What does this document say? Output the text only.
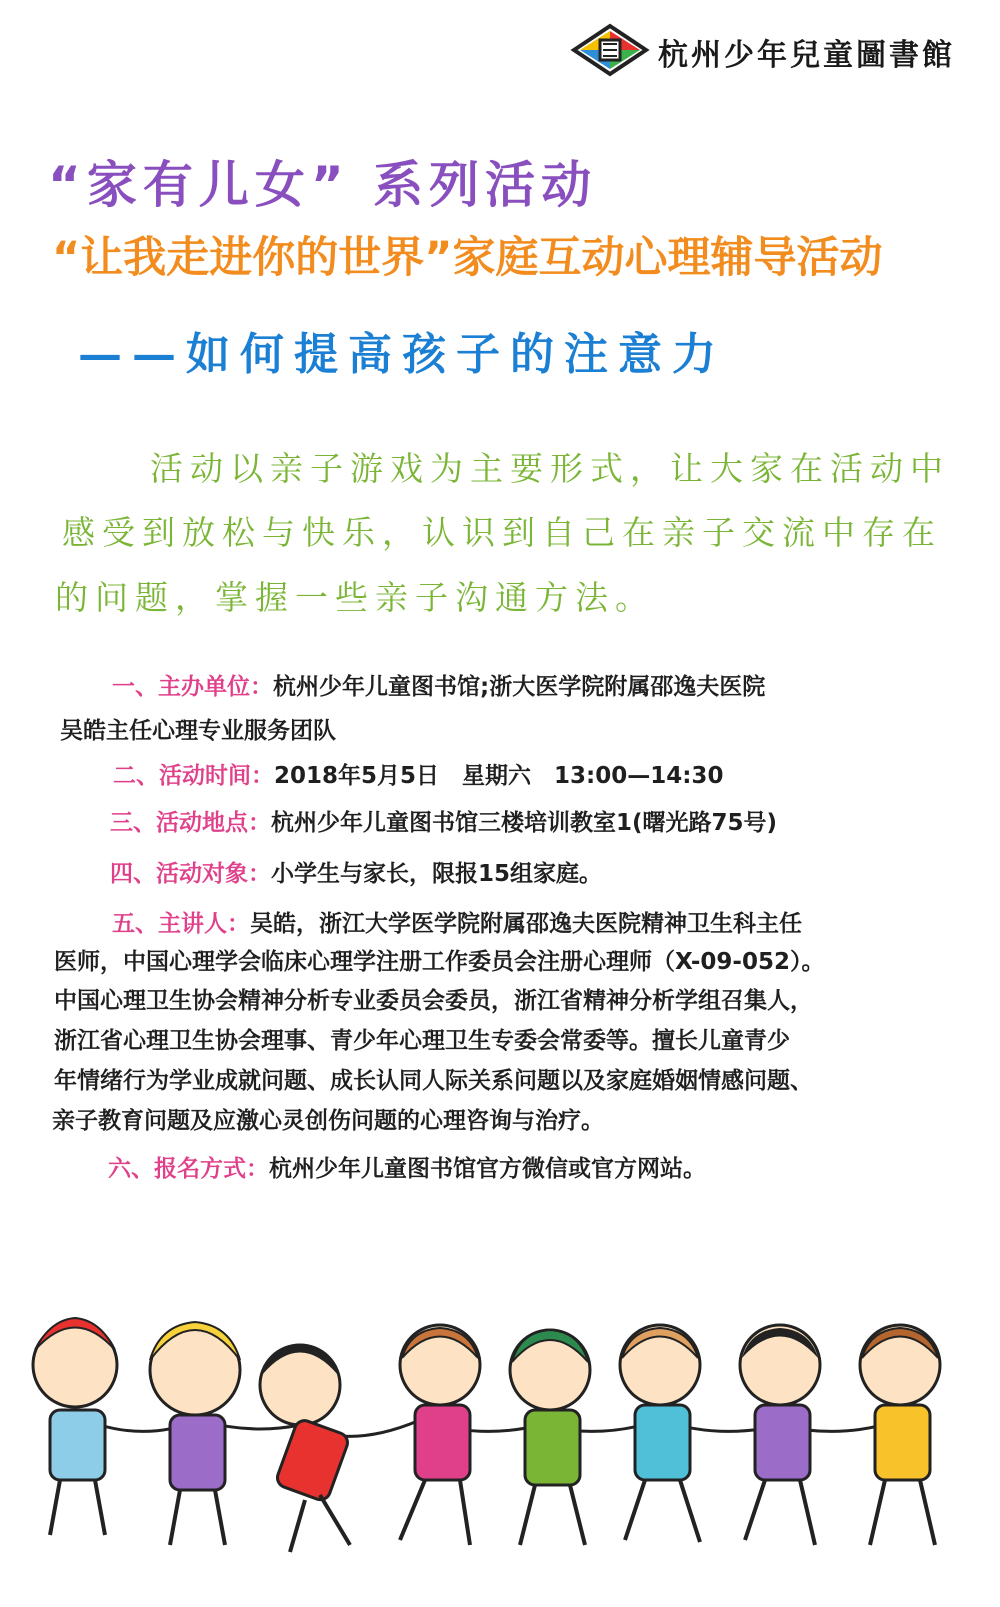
杭州少年兒童圖書館
“家有儿女” 系列活动
“让我走进你的世界”家庭互动心理辅导活动
——如何提高孩子的注意力
活动以亲子游戏为主要形式，让大家在活动中
感受到放松与快乐，认识到自己在亲子交流中存在
的问题，掌握一些亲子沟通方法。
一、主办单位：杭州少年儿童图书馆;浙大医学院附属邵逸夫医院
吴皓主任心理专业服务团队
二、活动时间：2018年5月5日　星期六　13:00—14:30
三、活动地点：杭州少年儿童图书馆三楼培训教室1(曙光路75号)
四、活动对象：小学生与家长，限报15组家庭。
五、主讲人：吴皓，浙江大学医学院附属邵逸夫医院精神卫生科主任
医师，中国心理学会临床心理学注册工作委员会注册心理师（X-09-052）。
中国心理卫生协会精神分析专业委员会委员，浙江省精神分析学组召集人，
浙江省心理卫生协会理事、青少年心理卫生专委会常委等。擅长儿童青少
年情绪行为学业成就问题、成长认同人际关系问题以及家庭婚姻情感问题、
亲子教育问题及应激心灵创伤问题的心理咨询与治疗。
六、报名方式：杭州少年儿童图书馆官方微信或官方网站。
